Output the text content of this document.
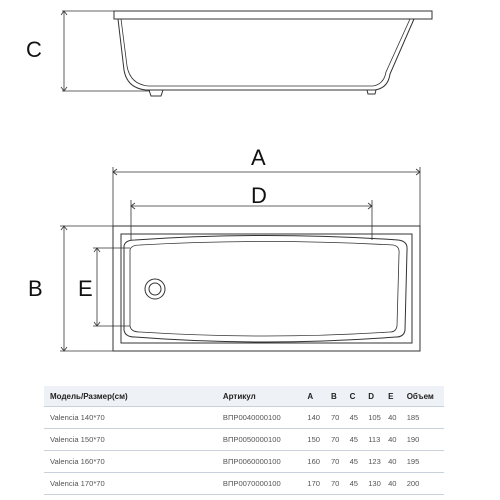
C
A
D
B E
Модель/Размер(см)		Артикул	A	B	C	D	E	Объем
Valencia 140*70		ВПР0040000100	140	70	45	105	40	185
Valencia 150*70		ВПР0050000100	150	70	45	113	40	190
Valencia 160*70		ВПР0060000100	160	70	45	123	40	195
Valencia 170*70		ВПР0070000100	170	70	45	130	40	200
